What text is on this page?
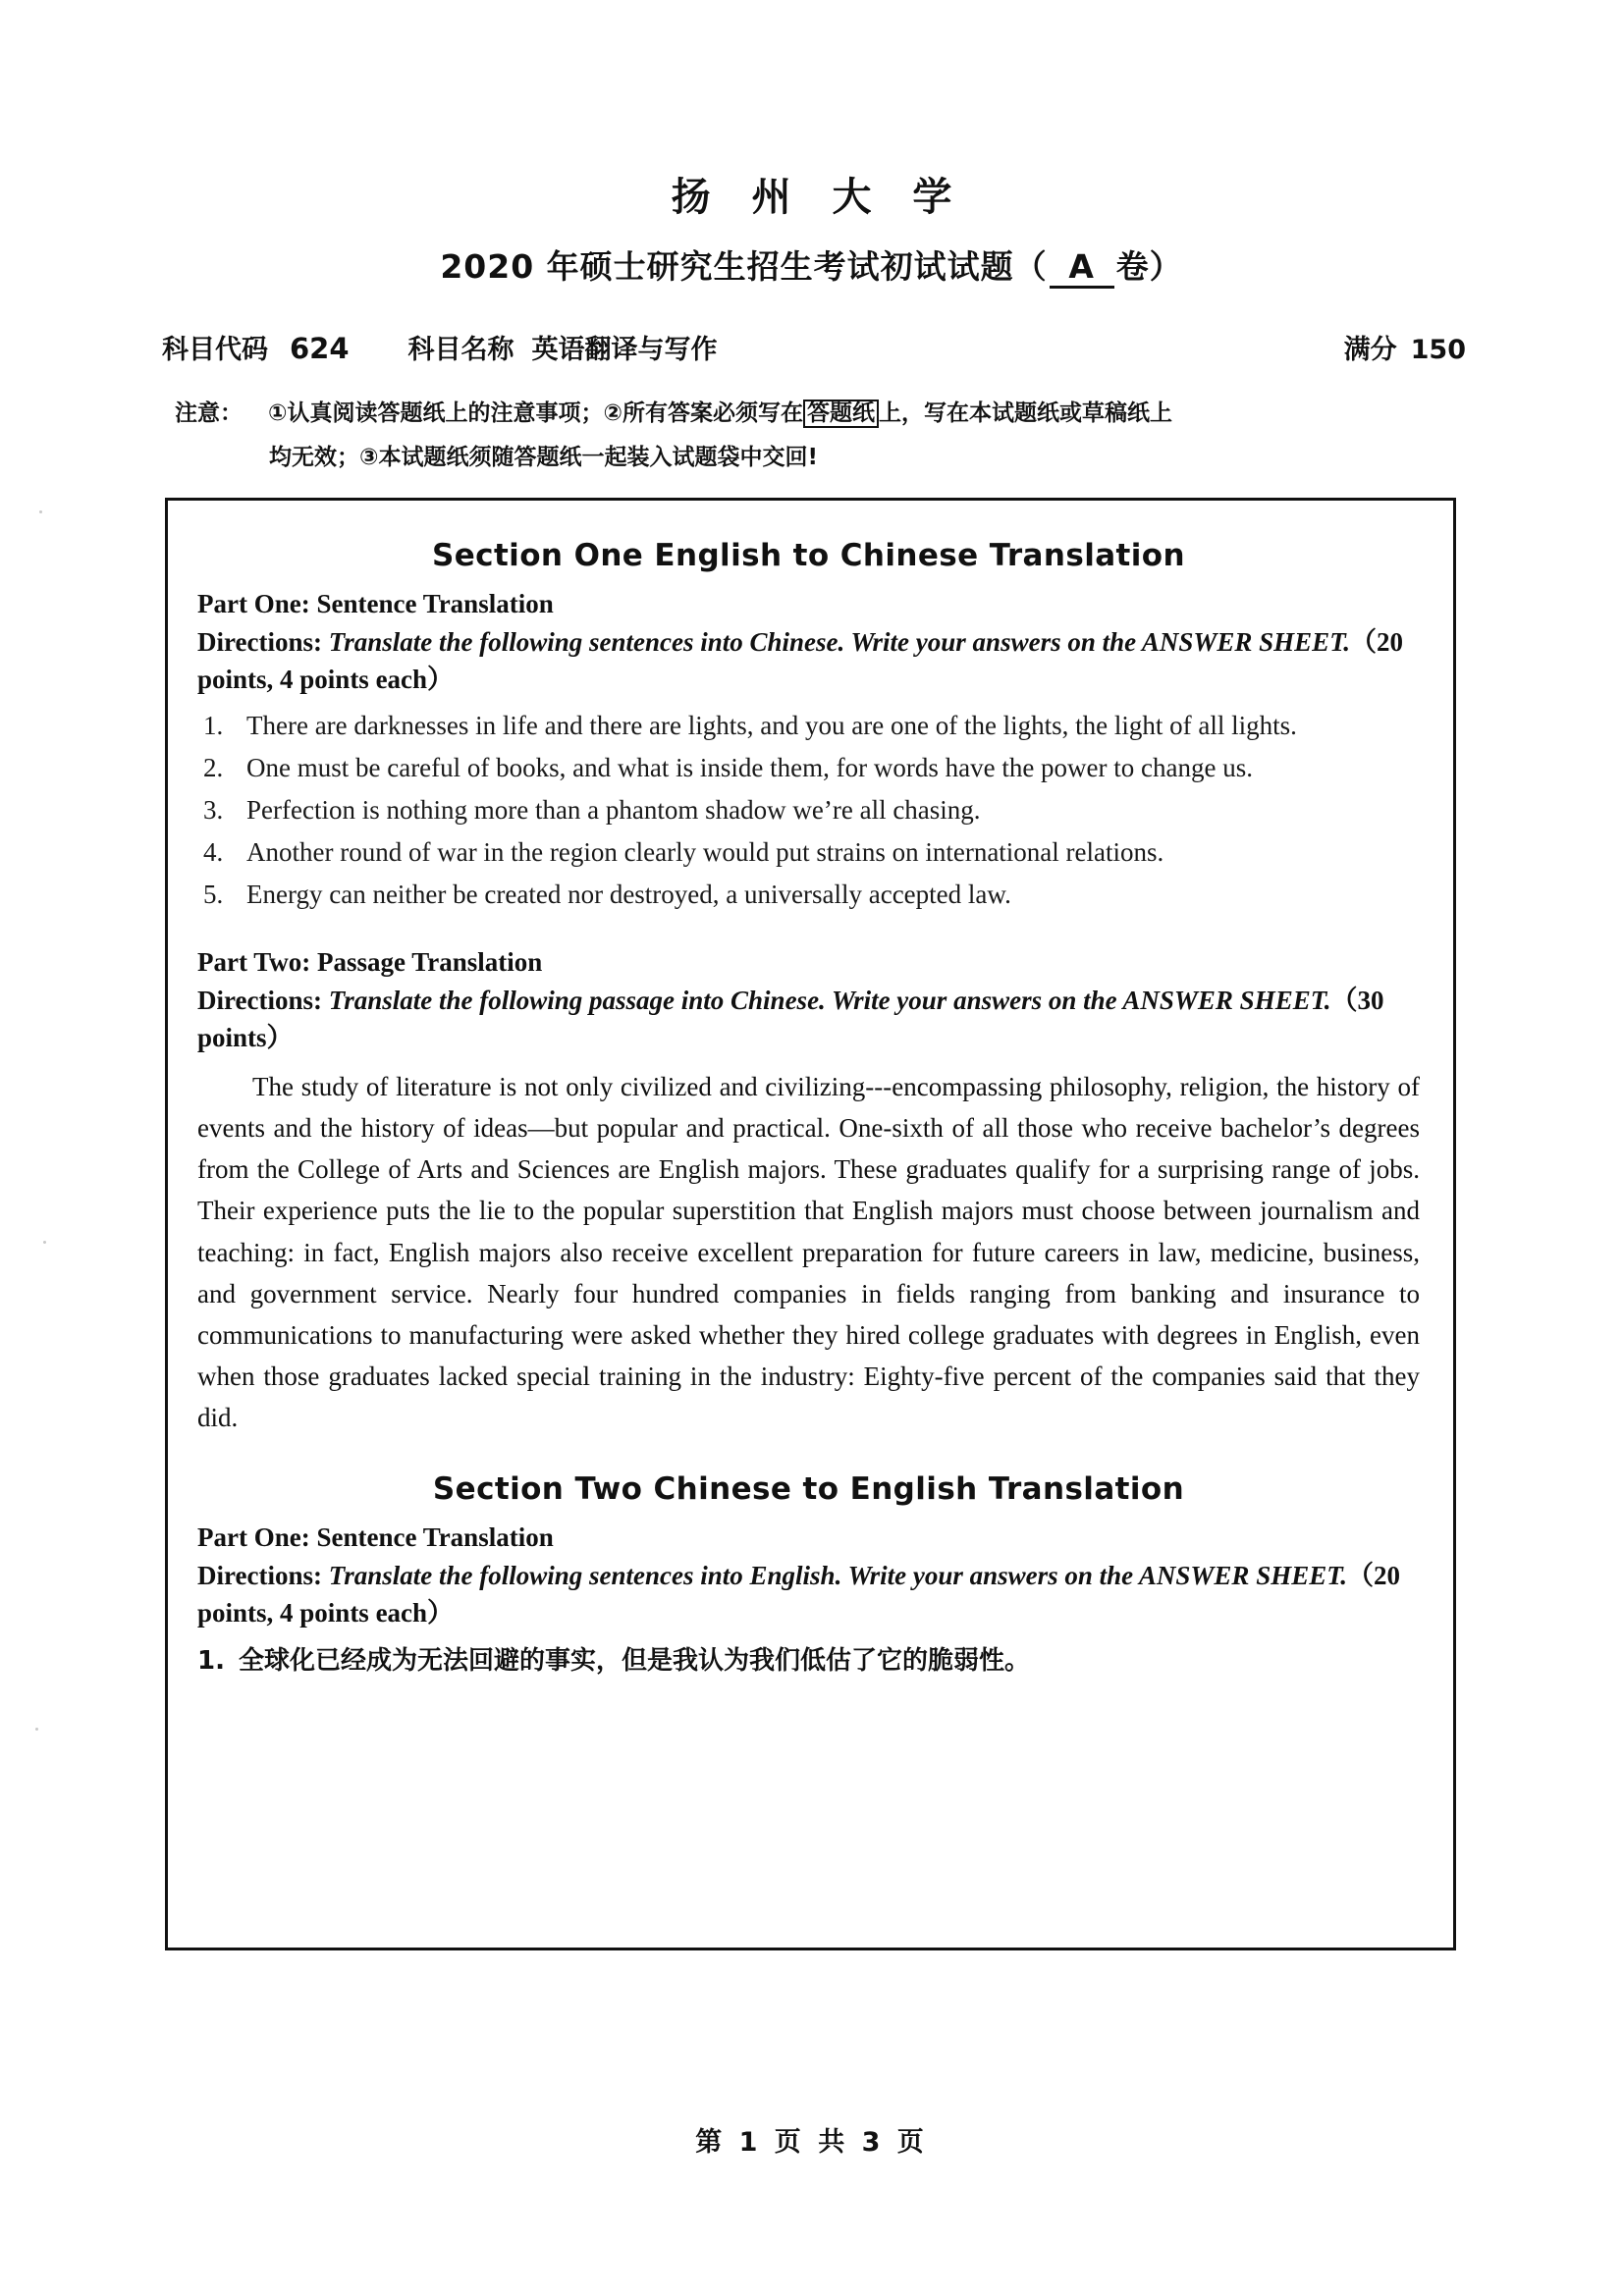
扬 州 大 学
2020 年硕士研究生招生考试初试试题（ A 卷）
科目代码 624 科目名称 英语翻译与写作	满分 150
注意： ①认真阅读答题纸上的注意事项；②所有答案必须写在 答题纸 上，写在本试题纸或草稿纸上
均无效；③本试题纸须随答题纸一起装入试题袋中交回!
Section One English to Chinese Translation
Part One: Sentence Translation
Directions: Translate the following sentences into Chinese. Write your answers on the ANSWER SHEET.（20 points, 4 points each）
1. There are darknesses in life and there are lights, and you are one of the lights, the light of all lights.
2. One must be careful of books, and what is inside them, for words have the power to change us.
3. Perfection is nothing more than a phantom shadow we’re all chasing.
4. Another round of war in the region clearly would put strains on international relations.
5. Energy can neither be created nor destroyed, a universally accepted law.
Part Two: Passage Translation
Directions: Translate the following passage into Chinese. Write your answers on the ANSWER SHEET.（30 points）
The study of literature is not only civilized and civilizing---encompassing philosophy, religion, the history of events and the history of ideas—but popular and practical. One-sixth of all those who receive bachelor’s degrees from the College of Arts and Sciences are English majors. These graduates qualify for a surprising range of jobs. Their experience puts the lie to the popular superstition that English majors must choose between journalism and teaching: in fact, English majors also receive excellent preparation for future careers in law, medicine, business, and government service. Nearly four hundred companies in fields ranging from banking and insurance to communications to manufacturing were asked whether they hired college graduates with degrees in English, even when those graduates lacked special training in the industry: Eighty-five percent of the companies said that they did.
Section Two Chinese to English Translation
Part One: Sentence Translation
Directions: Translate the following sentences into English. Write your answers on the ANSWER SHEET.（20 points, 4 points each）
1. 全球化已经成为无法回避的事实，但是我认为我们低估了它的脆弱性。
第 1 页 共 3 页
